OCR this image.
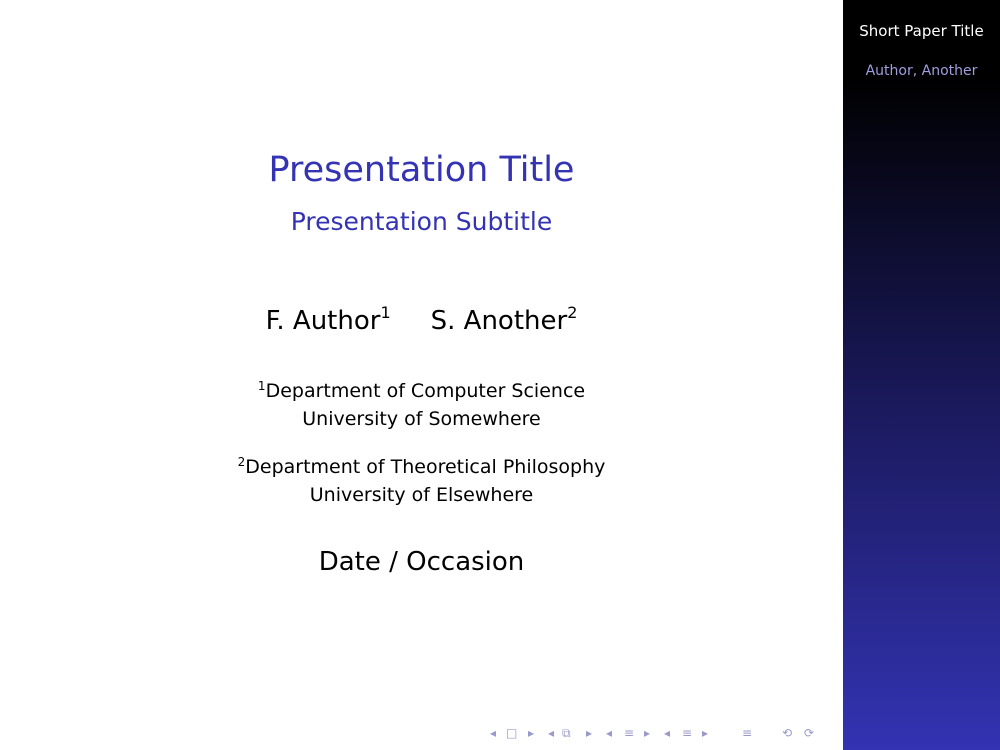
Presentation Title
Presentation Subtitle
F. Author$^1$ S. Another$^2$
$^1$Department of Computer Science
University of Somewhere
$^2$Department of Theoretical Philosophy
University of Elsewhere
Date / Occasion
◂ □ ▸ ◂ ⧉ ▸ ◂ ≡ ▸ ◂ ≡ ▸	≡ ⟲ ⟳
Short Paper Title
Author, Another
